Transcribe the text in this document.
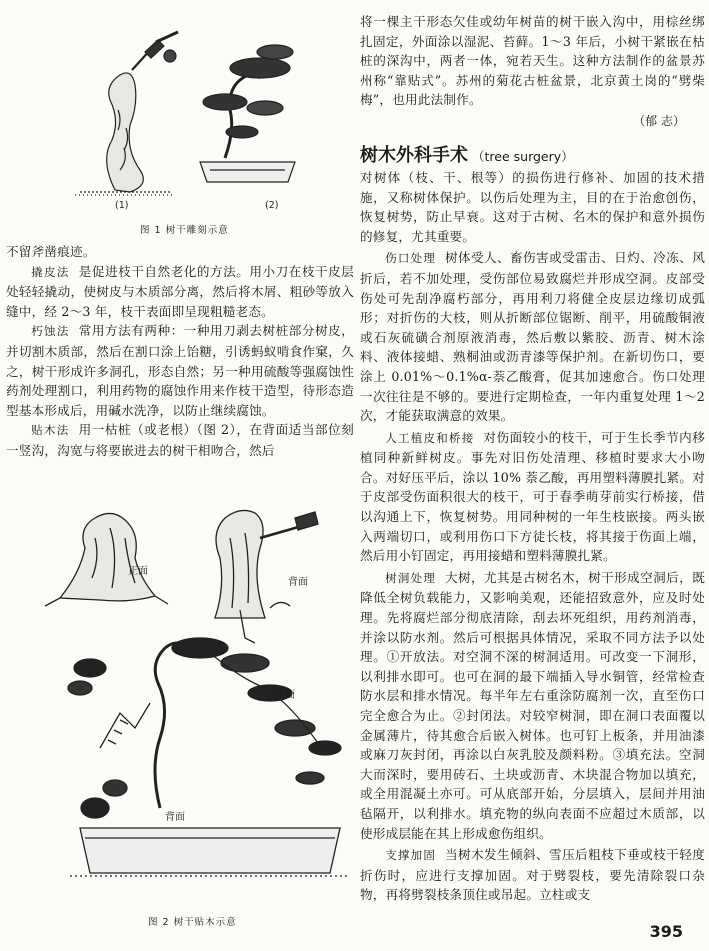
(1)	(2)
图 1 树干雕刻示意

不留斧凿痕迹。

撬皮法 是促进枝干自然老化的方法。用小刀在枝干皮层处轻轻撬动，使树皮与木质部分离，然后将木屑、粗砂等放入缝中，经 2～3 年，枝干表面即呈现粗糙老态。

朽蚀法 常用方法有两种：一种用刀剥去树桩部分树皮，并切割木质部，然后在割口涂上饴糖，引诱蚂蚁啃食作窠，久之，树干形成许多洞孔，形态自然；另一种用硫酸等强腐蚀性药剂处理割口，利用药物的腐蚀作用来作枝干造型，待形态造型基本形成后，用碱水洗净，以防止继续腐蚀。

贴木法 用一枯桩（或老根）（图 2），在背面适当部位刻一竖沟，沟宽与将要嵌进去的树干相吻合，然后

正面
背面
正面
背面
图 2 树干贴木示意

将一棵主干形态欠佳或幼年树苗的树干嵌入沟中，用棕丝绑扎固定，外面涂以湿泥、苔藓。1～3 年后，小树干紧嵌在枯桩的深沟中，两者一体，宛若天生。这种方法制作的盆景苏州称“靠贴式”。苏州的菊花古桩盆景，北京黄土岗的“劈柴梅”，也用此法制作。

（郁 志）
树木外科手术 （tree surgery）

对树体（枝、干、根等）的损伤进行修补、加固的技术措施，又称树体保护。以伤后处理为主，目的在于治愈创伤，恢复树势，防止早衰。这对于古树、名木的保护和意外损伤的修复，尤其重要。

伤口处理 树体受人、畜伤害或受雷击、日灼、冷冻、风折后，若不加处理，受伤部位易致腐烂并形成空洞。皮部受伤处可先刮净腐朽部分，再用利刀将健全皮层边缘切成弧形；对折伤的大枝，则从折断部位锯断、削平，用硫酸铜液或石灰硫磺合剂原液消毒，然后敷以紫胶、沥青、树木涂料、液体接蜡、熟桐油或沥青漆等保护剂。在新切伤口，要涂上 0.01%～0.1%α-萘乙酸膏，促其加速愈合。伤口处理一次往往是不够的。要进行定期检查，一年内重复处理 1～2 次，才能获取满意的效果。

人工植皮和桥接 对伤面较小的枝干，可于生长季节内移植同种新鲜树皮。事先对旧伤处清理、移植时要求大小吻合。对好压平后，涂以 10% 萘乙酸，再用塑料薄膜扎紧。对于皮部受伤面积很大的枝干，可于春季萌芽前实行桥接，借以沟通上下，恢复树势。用同种树的一年生枝嵌接。两头嵌入两端切口，或利用伤口下方徒长枝，将其接于伤面上端，然后用小钉固定，再用接蜡和塑料薄膜扎紧。

树洞处理 大树，尤其是古树名木，树干形成空洞后，既降低全树负载能力，又影响美观，还能招致意外，应及时处理。先将腐烂部分彻底清除，刮去坏死组织，用药剂消毒，并涂以防水剂。然后可根据具体情况，采取不同方法予以处理。①开放法。对空洞不深的树洞适用。可改变一下洞形，以利排水即可。也可在洞的最下端插入导水铜管，经常检查防水层和排水情况。每半年左右重涂防腐剂一次，直至伤口完全愈合为止。②封闭法。对较窄树洞，即在洞口表面覆以金属薄片，待其愈合后嵌入树体。也可钉上板条，并用油漆或麻刀灰封闭，再涂以白灰乳胶及颜料粉。③填充法。空洞大而深时，要用砖石、土块或沥青、木块混合物加以填充，或全用混凝土亦可。可从底部开始，分层填入，层间并用油毡隔开，以利排水。填充物的纵向表面不应超过木质部，以使形成层能在其上形成愈伤组织。

支撑加固 当树木发生倾斜、雪压后粗枝下垂或枝干轻度折伤时，应进行支撑加固。对于劈裂枝，要先清除裂口杂物，再将劈裂枝条顶住或吊起。立柱或支

395
